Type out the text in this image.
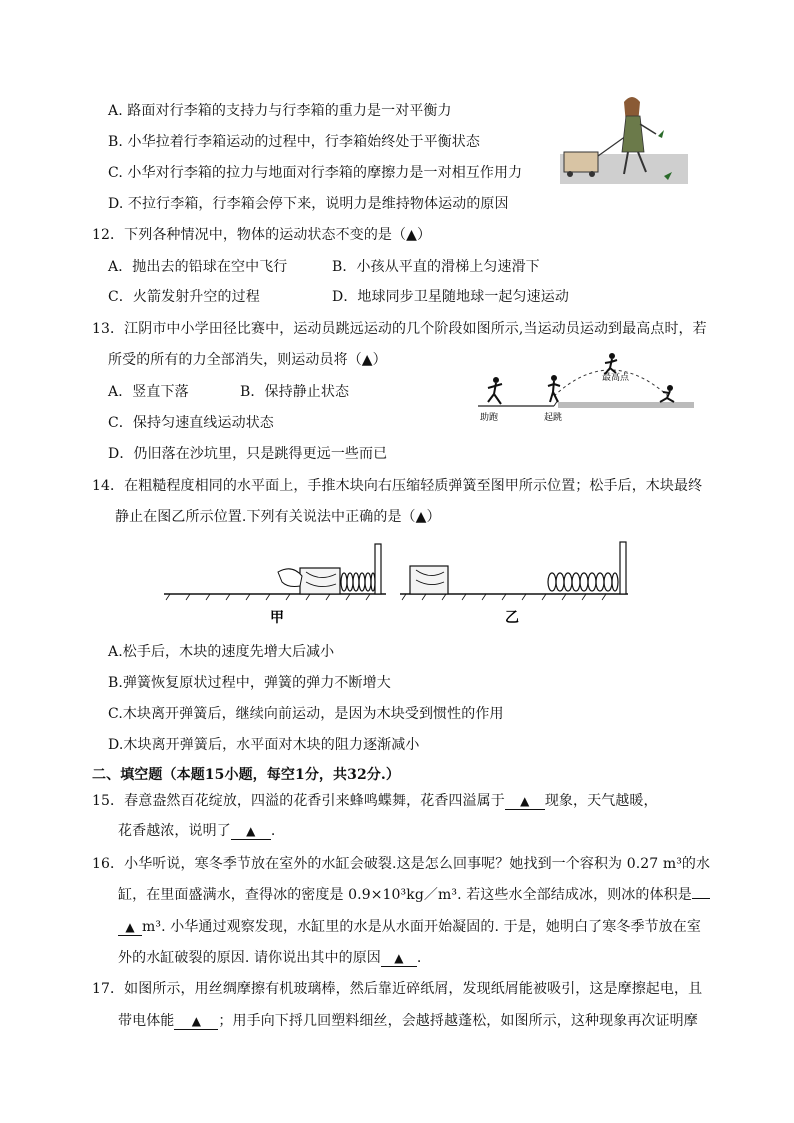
A. 路面对行李箱的支持力与行李箱的重力是一对平衡力
B. 小华拉着行李箱运动的过程中，行李箱始终处于平衡状态
C. 小华对行李箱的拉力与地面对行李箱的摩擦力是一对相互作用力
D. 不拉行李箱，行李箱会停下来，说明力是维持物体运动的原因
12．下列各种情况中，物体的运动状态不变的是（▲）
A．抛出去的铅球在空中飞行	B．小孩从平直的滑梯上匀速滑下
C．火箭发射升空的过程	D．地球同步卫星随地球一起匀速运动
13．江阴市中小学田径比赛中，运动员跳远运动的几个阶段如图所示,当运动员运动到最高点时，若
所受的所有的力全部消失，则运动员将（▲）
A．竖直下落	B．保持静止状态
C．保持匀速直线运动状态
D．仍旧落在沙坑里，只是跳得更远一些而已
助跑	起跳
最高点
14．在粗糙程度相同的水平面上，手推木块向右压缩轻质弹簧至图甲所示位置；松手后，木块最终
静止在图乙所示位置.下列有关说法中正确的是（▲）
甲	乙
A.松手后，木块的速度先增大后减小
B.弹簧恢复原状过程中，弹簧的弹力不断增大
C.木块离开弹簧后，继续向前运动，是因为木块受到惯性的作用
D.木块离开弹簧后，水平面对木块的阻力逐渐减小
二、填空题（本题15小题，每空1分，共32分.）
15．春意盎然百花绽放，四溢的花香引来蜂鸣蝶舞，花香四溢属于 ▲ 现象，天气越暖，
花香越浓，说明了 ▲ .
16．小华听说，寒冬季节放在室外的水缸会破裂.这是怎么回事呢？她找到一个容积为 0.27 m³的水
缸，在里面盛满水，查得冰的密度是 0.9×10³kg／m³. 若这些水全部结成冰，则冰的体积是
▲ m³. 小华通过观察发现，水缸里的水是从水面开始凝固的. 于是，她明白了寒冬季节放在室
外的水缸破裂的原因. 请你说出其中的原因 ▲ .
17．如图所示，用丝绸摩擦有机玻璃棒，然后靠近碎纸屑，发现纸屑能被吸引，这是摩擦起电，且
带电体能 ▲ ；用手向下捋几回塑料细丝，会越捋越蓬松，如图所示，这种现象再次证明摩
